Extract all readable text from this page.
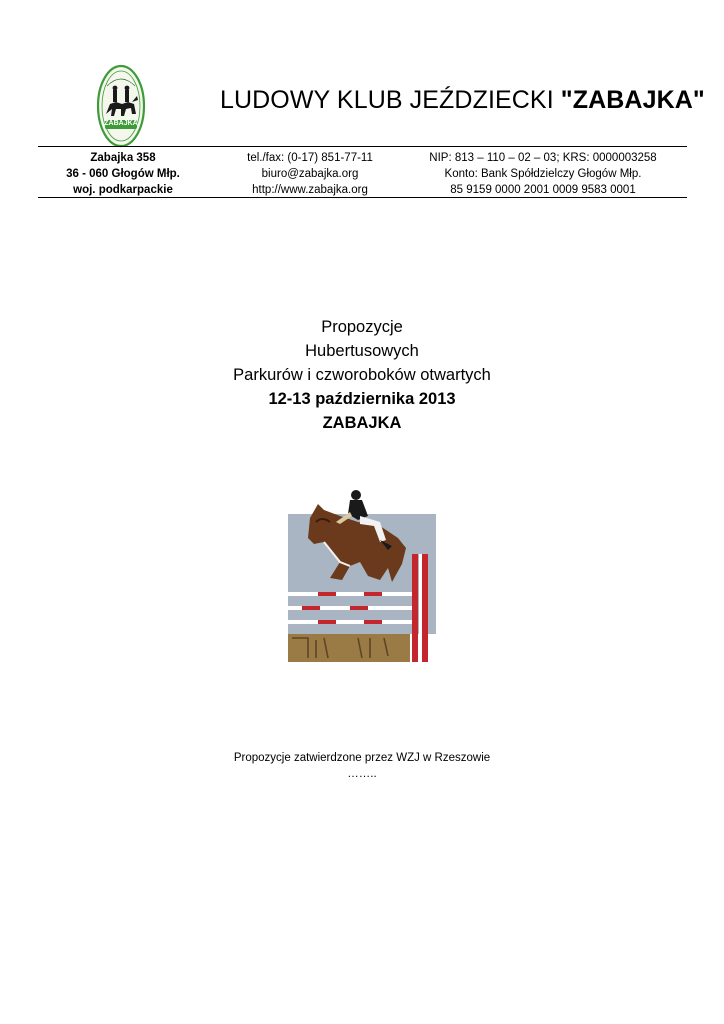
ZABAJKA
LUDOWY KLUB JEŹDZIECKI "ZABAJKA"
Zabajka 358
36 - 060 Głogów Młp.
woj. podkarpackie
tel./fax: (0-17) 851-77-11
biuro@zabajka.org
http://www.zabajka.org
NIP: 813 – 110 – 02 – 03; KRS: 0000003258
Konto: Bank Spółdzielczy Głogów Młp.
85 9159 0000 2001 0009 9583 0001
Propozycje
Hubertusowych
Parkurów i czworoboków otwartych
12-13 października 2013
ZABAJKA
Propozycje zatwierdzone przez WZJ w Rzeszowie
……..
